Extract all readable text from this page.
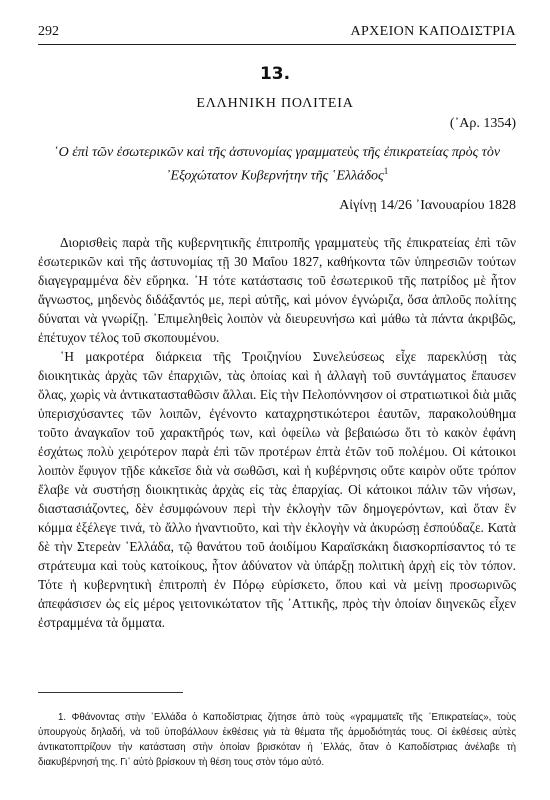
292	ΑΡΧΕΙΟΝ ΚΑΠΟΔΙΣΤΡΙΑ
13.
ΕΛΛΗΝΙΚΗ ΠΟΛΙΤΕΙΑ
(᾿Αρ. 1354)
῾Ο ἐπὶ τῶν ἐσωτερικῶν καὶ τῆς ἀστυνομίας γραμματεὺς τῆς ἐπικρατείας πρὸς τὸν ᾿Εξοχώτατον Κυβερνήτην τῆς ῾Ελλάδος$^1$
Αἰγίνῃ 14/26 ᾿Ιανουαρίου 1828

Διορισθεὶς παρὰ τῆς κυβερνητικῆς ἐπιτροπῆς γραμματεὺς τῆς ἐπικρατείας ἐπὶ τῶν ἐσωτερικῶν καὶ τῆς ἀστυνομίας τῇ 30 Μαΐου 1827, καθήκοντα τῶν ὑπηρεσιῶν τούτων διαγεγραμμένα δὲν εὕρηκα. ᾿Η τότε κατάστασις τοῦ ἐσωτερικοῦ τῆς πατρίδος μὲ ἦτον ἄγνωστος, μηδενὸς διδάξαντός με, περὶ αὐτῆς, καὶ μόνον ἐγνώριζα, ὅσα ἁπλοῦς πολίτης δύναται νὰ γνωρίζῃ. ᾿Επιμεληθεὶς λοιπὸν νὰ διευρευνήσω καὶ μάθω τὰ πάντα ἀκριβῶς, ἐπέτυχον τέλος τοῦ σκοπουμένου.

῾Η μακροτέρα διάρκεια τῆς Τροιζηνίου Συνελεύσεως εἶχε παρεκλύσῃ τὰς διοικητικὰς ἀρχὰς τῶν ἐπαρχιῶν, τὰς ὁποίας καὶ ἡ ἀλλαγὴ τοῦ συντάγματος ἔπαυσεν ὅλας, χωρὶς νὰ ἀντικατασταθῶσιν ἄλλαι. Εἰς τὴν Πελοπόννησον οἱ στρατιωτικοὶ διὰ μιᾶς ὑπερισχύσαντες τῶν λοιπῶν, ἐγένοντο καταχρηστικώτεροι ἑαυτῶν, παρακολούθημα τοῦτο ἀναγκαῖον τοῦ χαρακτῆρός των, καὶ ὀφείλω νὰ βεβαιώσω ὅτι τὸ κακὸν ἐφάνη ἐσχάτως πολὺ χειρότερον παρὰ ἐπὶ τῶν προτέρων ἐπτὰ ἐτῶν τοῦ πολέμου. Οἱ κάτοικοι λοιπὸν ἔφυγον τῇδε κἀκεῖσε διὰ νὰ σωθῶσι, καὶ ἡ κυβέρνησις οὔτε καιρὸν οὔτε τρόπον ἔλαβε νὰ συστήσῃ διοικητικὰς ἀρχὰς εἰς τὰς ἐπαρχίας. Οἱ κάτοικοι πάλιν τῶν νήσων, διαστασιάζοντες, δὲν ἐσυμφώνουν περὶ τὴν ἐκλογὴν τῶν δημογερόντων, καὶ ὅταν ἓν κόμμα ἐξέλεγε τινά, τὸ ἄλλο ἠναντιοῦτο, καὶ τὴν ἐκλογὴν νὰ ἀκυρώσῃ ἐσπούδαζε. Κατὰ δὲ τὴν Στερεὰν ῾Ελλάδα, τῷ θανάτου τοῦ ἀοιδίμου Καραϊσκάκη διασκορπίσαντος τό τε στράτευμα καὶ τοὺς κατοίκους, ἦτον ἀδύνατον νὰ ὑπάρξῃ πολιτικὴ ἀρχὴ εἰς τὸν τόπον. Τότε ἡ κυβερνητικὴ ἐπιτροπὴ ἐν Πόρῳ εὑρίσκετο, ὅπου καὶ νὰ μείνῃ προσωρινῶς ἀπεφάσισεν ὡς εἰς μέρος γειτονικώτατον τῆς ᾿Αττικῆς, πρὸς τὴν ὁποίαν διηνεκῶς εἶχεν ἐστραμμένα τὰ ὄμματα.

1. Φθάνοντας στὴν ῾Ελλάδα ὁ Καποδίστριας ζήτησε ἀπὸ τοὺς «γραμματεῖς τῆς ᾿Επικρατείας», τοὺς ὑπουργοὺς δηλαδή, νὰ τοῦ ὑποβάλλουν ἐκθέσεις γιὰ τὰ θέματα τῆς ἁρμοδιότητάς τους. Οἱ ἐκθέσεις αὐτὲς ἀντικατοπτρίζουν τὴν κατάσταση στὴν ὁποίαν βρισκόταν ἡ ῾Ελλάς, ὅταν ὁ Καποδίστριας ἀνέλαβε τὴ διακυβέρνησή της. Γι᾿ αὐτὸ βρίσκουν τὴ θέση τους στὸν τόμο αὐτό.
